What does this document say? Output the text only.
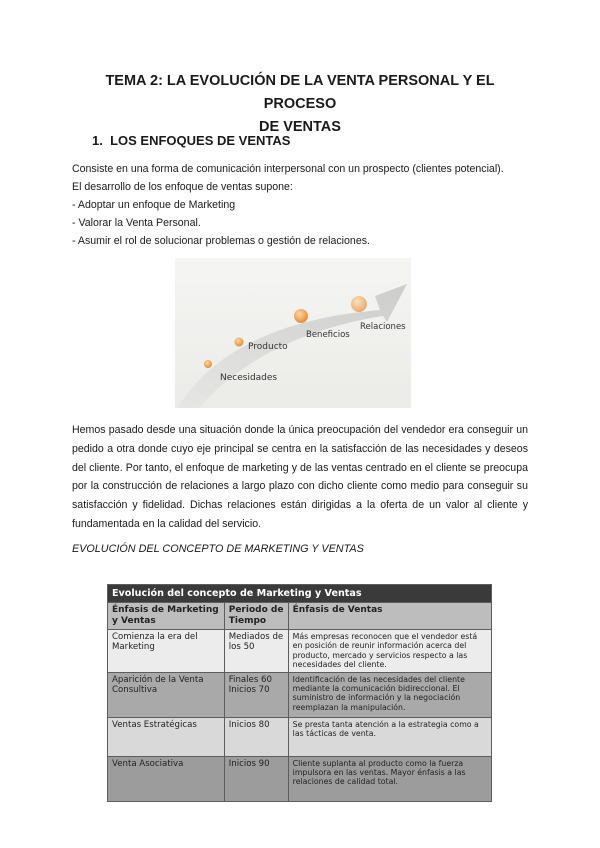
TEMA 2: LA EVOLUCIÓN DE LA VENTA PERSONAL Y EL PROCESO
DE VENTAS
1. LOS ENFOQUES DE VENTAS
Consiste en una forma de comunicación interpersonal con un prospecto (clientes potencial).
El desarrollo de los enfoque de ventas supone:
- Adoptar un enfoque de Marketing
- Valorar la Venta Personal.
- Asumir el rol de solucionar problemas o gestión de relaciones.
Necesidades
Producto
Beneficios
Relaciones
Hemos pasado desde una situación donde la única preocupación del vendedor era conseguir un pedido a otra donde cuyo eje principal se centra en la satisfacción de las necesidades y deseos del cliente. Por tanto, el enfoque de marketing y de las ventas centrado en el cliente se preocupa por la construcción de relaciones a largo plazo con dicho cliente como medio para conseguir su satisfacción y fidelidad. Dichas relaciones están dirigidas a la oferta de un valor al cliente y fundamentada en la calidad del servicio.
EVOLUCIÓN DEL CONCEPTO DE MARKETING Y VENTAS
Evolución del concepto de Marketing y Ventas		
Énfasis de Marketing y Ventas	Periodo de Tiempo	Énfasis de Ventas
Comienza la era del Marketing	Mediados de los 50	Más empresas reconocen que el vendedor está en posición de reunir información acerca del producto, mercado y servicios respecto a las necesidades del cliente.
Aparición de la Venta Consultiva	Finales 60 Inicios 70	Identificación de las necesidades del cliente mediante la comunicación bidireccional. El suministro de información y la negociación reemplazan la manipulación.
Ventas Estratégicas	Inicios 80	Se presta tanta atención a la estrategia como a las tácticas de venta.
Venta Asociativa	Inicios 90	Cliente suplanta al producto como la fuerza impulsora en las ventas. Mayor énfasis a las relaciones de calidad total.
